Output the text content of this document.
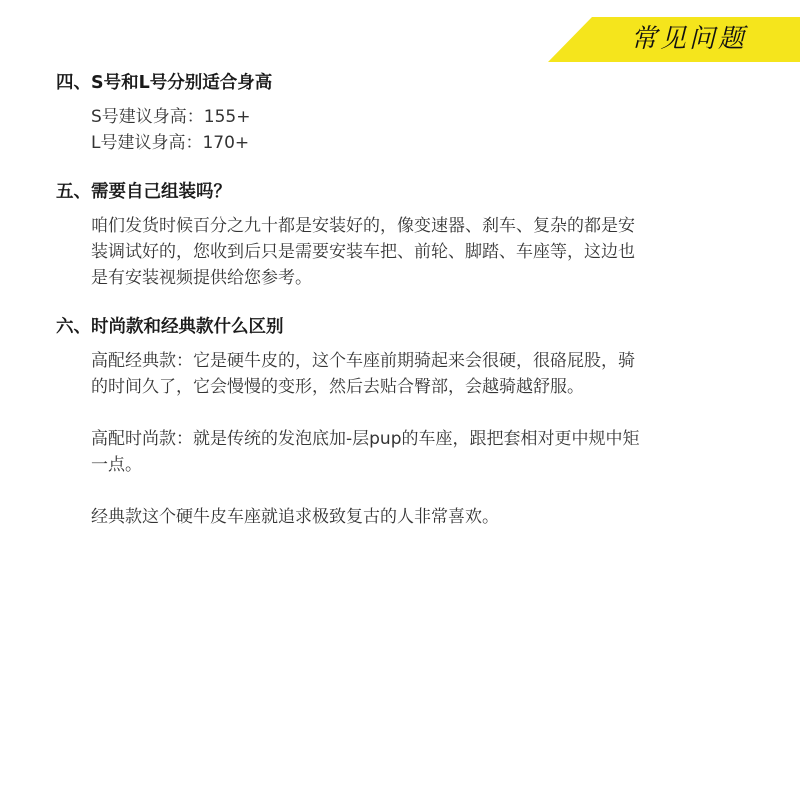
常见问题
四、S号和L号分别适合身高

S号建议身高：155+
L号建议身高：170+

五、需要自己组装吗？

咱们发货时候百分之九十都是安装好的，像变速器、刹车、复杂的都是安
装调试好的，您收到后只是需要安装车把、前轮、脚踏、车座等，这边也
是有安装视频提供给您参考。

六、时尚款和经典款什么区别

高配经典款：它是硬牛皮的，这个车座前期骑起来会很硬，很硌屁股，骑
的时间久了，它会慢慢的变形，然后去贴合臀部，会越骑越舒服。

高配时尚款：就是传统的发泡底加-层pup的车座，跟把套相对更中规中矩
一点。

经典款这个硬牛皮车座就追求极致复古的人非常喜欢。
